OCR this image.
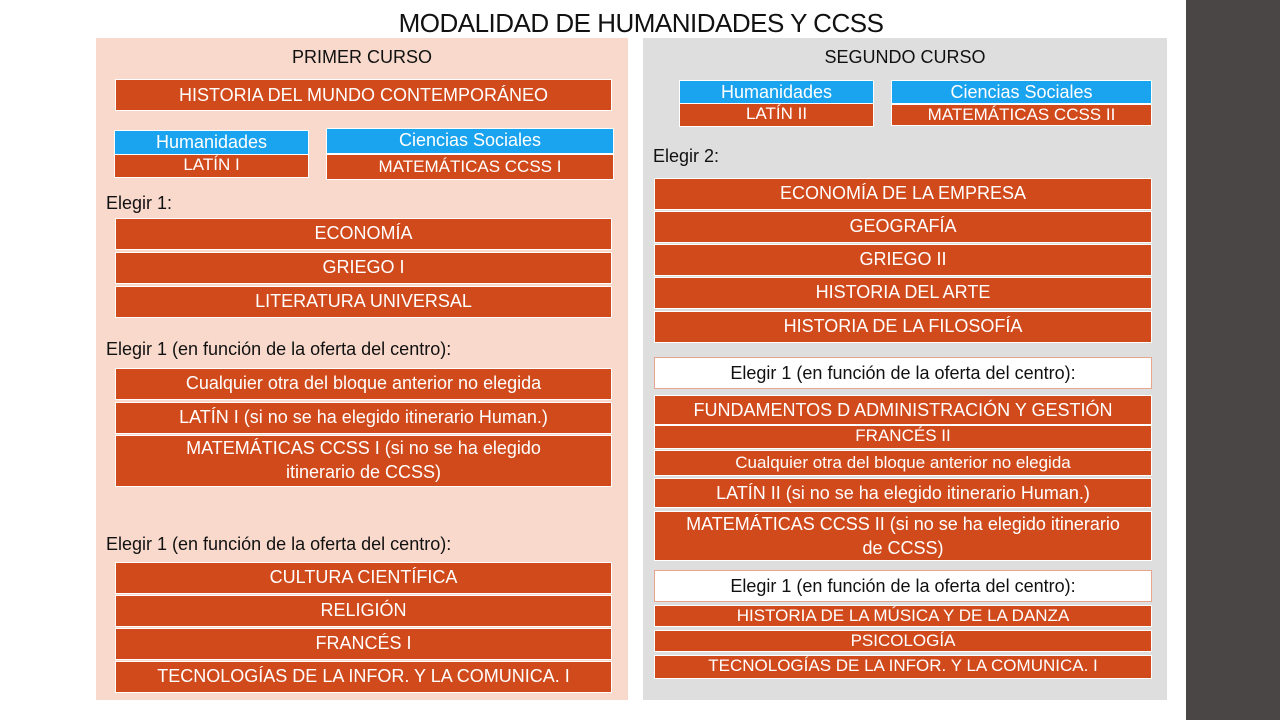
MODALIDAD DE HUMANIDADES Y CCSS
PRIMER CURSO
HISTORIA DEL MUNDO CONTEMPORÁNEO
Humanidades
LATÍN I
Ciencias Sociales
MATEMÁTICAS CCSS I
Elegir 1:
ECONOMÍA
GRIEGO I
LITERATURA UNIVERSAL
Elegir 1 (en función de la oferta del centro):
Cualquier otra del bloque anterior no elegida
LATÍN I (si no se ha elegido itinerario Human.)
MATEMÁTICAS CCSS I (si no se ha elegido itinerario de CCSS)
Elegir 1 (en función de la oferta del centro):
CULTURA CIENTÍFICA
RELIGIÓN
FRANCÉS I
TECNOLOGÍAS DE LA INFOR. Y LA COMUNICA. I
SEGUNDO CURSO
Humanidades
LATÍN II
Ciencias Sociales
MATEMÁTICAS CCSS II
Elegir 2:
ECONOMÍA DE LA EMPRESA
GEOGRAFÍA
GRIEGO II
HISTORIA DEL ARTE
HISTORIA DE LA FILOSOFÍA
Elegir 1 (en función de la oferta del centro):
FUNDAMENTOS D ADMINISTRACIÓN Y GESTIÓN
FRANCÉS II
Cualquier otra del bloque anterior no elegida
LATÍN II (si no se ha elegido itinerario Human.)
MATEMÁTICAS CCSS II (si no se ha elegido itinerario de CCSS)
Elegir 1 (en función de la oferta del centro):
HISTORIA DE LA MÚSICA Y DE LA DANZA
PSICOLOGÍA
TECNOLOGÍAS DE LA INFOR. Y LA COMUNICA. I
